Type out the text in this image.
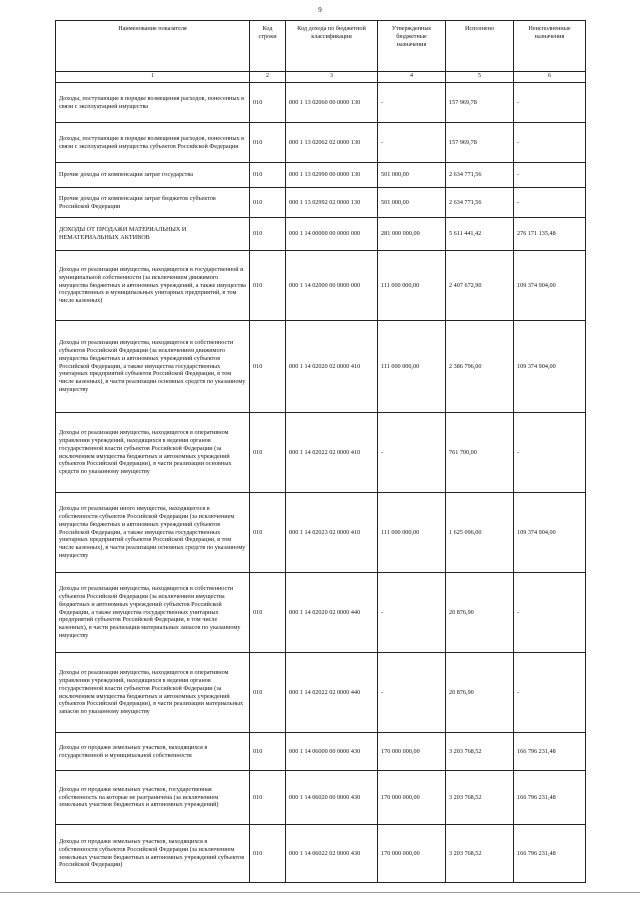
9
Наименование показателя	Код строки	Код дохода по бюджетной классификации	Утвержденные бюджетные назначения	Исполнено	Неисполненные назначения
1	2	3	4	5	6
Доходы, поступающие в порядке возмещения расходов, понесенных в связи с эксплуатацией имущества	010	000 1 13 02060 00 0000 130	-	157 969,78	-
Доходы, поступающие в порядке возмещения расходов, понесенных в связи с эксплуатацией имущества субъектов Российской Федерации	010	000 1 13 02062 02 0000 130	-	157 969,78	-
Прочие доходы от компенсации затрат государства	010	000 1 13 02990 00 0000 130	501 000,00	2 634 771,56	-
Прочие доходы от компенсации затрат бюджетов субъектов Российской Федерации	010	000 1 13 02992 02 0000 130	501 000,00	2 634 771,56	-
ДОХОДЫ ОТ ПРОДАЖИ МАТЕРИАЛЬНЫХ И НЕМАТЕРИАЛЬНЫХ АКТИВОВ	010	000 1 14 00000 00 0000 000	281 000 000,00	5 611 441,42	276 171 135,48
Доходы от реализации имущества, находящегося в государственной и муниципальной собственности (за исключением движимого имущества бюджетных и автономных учреждений, а также имущества государственных и муниципальных унитарных предприятий, в том числе казенных)	010	000 1 14 02000 00 0000 000	111 000 000,00	2 407 672,90	109 374 904,00
Доходы от реализации имущества, находящегося в собственности субъектов Российской Федерации (за исключением движимого имущества бюджетных и автономных учреждений субъектов Российской Федерации, а также имущества государственных унитарных предприятий субъектов Российской Федерации, в том числе казенных), в части реализации основных средств по указанному имуществу	010	000 1 14 02020 02 0000 410	111 000 000,00	2 386 796,00	109 374 904,00
Доходы от реализации имущества, находящегося в оперативном управлении учреждений, находящихся в ведении органов государственной власти субъектов Российской Федерации (за исключением имущества бюджетных и автономных учреждений субъектов Российской Федерации), в части реализации основных средств по указанному имуществу	010	000 1 14 02022 02 0000 410	-	761 700,00	-
Доходы от реализации иного имущества, находящегося в собственности субъектов Российской Федерации (за исключением имущества бюджетных и автономных учреждений субъектов Российской Федерации, а также имущества государственных унитарных предприятий субъектов Российской Федерации, в том числе казенных), в части реализации основных средств по указанному имуществу	010	000 1 14 02023 02 0000 410	111 000 000,00	1 625 096,00	109 374 904,00
Доходы от реализации имущества, находящегося в собственности субъектов Российской Федерации (за исключением имущества бюджетных и автономных учреждений субъектов Российской Федерации, а также имущества государственных унитарных предприятий субъектов Российской Федерации, в том числе казенных), в части реализации материальных запасов по указанному имуществу	010	000 1 14 02020 02 0000 440	-	20 876,90	-
Доходы от реализации имущества, находящегося в оперативном управлении учреждений, находящихся в ведении органов государственной власти субъектов Российской Федерации (за исключением имущества бюджетных и автономных учреждений субъектов Российской Федерации), в части реализации материальных запасов по указанному имуществу	010	000 1 14 02022 02 0000 440	-	20 876,90	-
Доходы от продажи земельных участков, находящихся в государственной и муниципальной собственности	010	000 1 14 06000 00 0000 430	170 000 000,00	3 203 768,52	166 796 231,48
Доходы от продажи земельных участков, государственная собственность на которые не разграничена (за исключением земельных участков бюджетных и автономных учреждений)	010	000 1 14 06020 00 0000 430	170 000 000,00	3 203 768,52	166 796 231,48
Доходы от продажи земельных участков, находящихся в собственности субъектов Российской Федерации (за исключением земельных участков бюджетных и автономных учреждений субъектов Российской Федерации)	010	000 1 14 06022 02 0000 430	170 000 000,00	3 203 768,52	166 796 231,48
